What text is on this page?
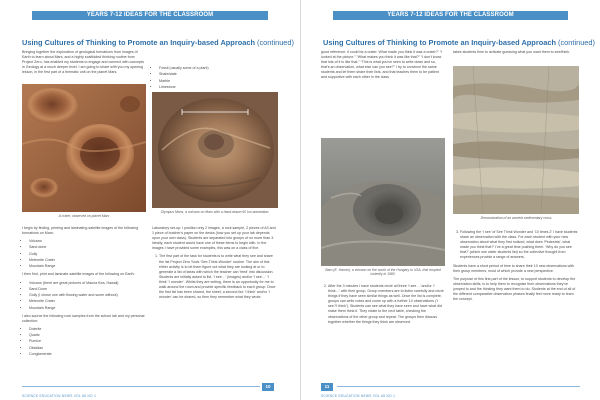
YEARS 7-12 IDEAS FOR THE CLASSROOM
Using Cultures of Thinking to Promote an Inquiry-based Approach (continued)

Bringing together the exploration of geological formations from images of Earth to learn about Mars, and a highly scaffolded thinking routine from Project Zero, has enabled my students to engage and connect with concepts in Geology at a much deeper level. I am going to share with you my opening lesson, in the first part of a thematic unit on the planet Mars.

A crater, observed on planet Mars

I begin by finding, printing and laminating satellite images of the following formations on Mars:

• Volcano
• Sand dune
• Gully
• Meteorite Crater
• Mountain Range

I then find, print and laminate satellite images of the following on Earth:

• Volcano (there are great pictures of Mauna Kea, Hawaii)
• Sand Dune
• Gully (I chose one with flowing water and some without)
• Meteorite Crater
• Mountain Range

I also source the following rock samples from the school lab and my personal collection:

• Dolerite
• Quartz
• Pumice
• Obsidian
• Conglomerate
• Fossil (usually some of a plant)
• Shale/slate
• Marble
• Limestone
Olympus Mons, a volcano on Mars with a hand-drawn 60 km annotation.

Laboratory set-up: I position only 2 images, a rock sample, 2 pieces of A3 and 1 piece of butcher's paper on the desks (how you set up your lab depends upon your own class). Students are separated into groups of no more than 3. Ideally, each student would have one of these items to begin with. In the images I have provided some examples, this was on a class of five.

1. The first part of the task for students is to write what they see and share the list Project Zero Tools ‘See-Think-Wonder’ routine. The aim of this either activity is to let them figure out what they are looking at or to generate a list of ideas with which the teacher can ‘feed’ into discussion. Students are initially asked to list, ‘I see…’ (images) and/or ‘I see…’ ‘I think’ ‘I wonder’. Whilst they are writing, there is an opportunity for me to walk around the room and provide specific feedback to each group. Once the first list has been shared, the sheet, a second list: ‘I think’ and/or ‘I wonder’ can be shared, so then they remember what they wrote.
10
SCIENCE EDUCATION NEWS VOL 68 NO 1
YEARS 7-12 IDEAS FOR THE CLASSROOM
Using Cultures of Thinking to Promote an Inquiry-based Approach (continued)

good reference, it could be a crater. What made you think it was a crater?” “I looked at the picture.” “What makes you think it was like that?” “I don’t know that lots of it is like that.” “This is what you’ve seen to write down and so, that’s an observation, what else can you see?” I try to convince the same students and let them share their lists, and that teaches them to be patient and supportive with each other in the class.

Barn (E. Hamer), a volcano on the south of the Hungary in USA, that erupted violently in 1980.
2. After the 3 minutes I have students circle all three ‘I see…’ and/or ‘I think…’ with their group. Group members are to listen carefully and circle things if they have seen similar things as well. Once the list is complete, groups can write notes and come up with a further 10 observations (‘I see’/‘I think’). Students can see what they have seen and have what did make them think it. They rotate to the next table, checking the observations of the other group and repeat. The groups then discuss together whether the things they think are observed.

takes students time to activate guessing what you want them to see/think.

Demonstration of an ancient sedimentary cross
3. Following the ‘I see’ of See Think Wonder and ‘10 times 2’ I have students share an observation with the class. For each student with your new observation about what they first noticed, what does ‘Pedestria’, what made you think that?’ I’ve a great time pushing them. ‘Why do you see that?’ (which one wider students list) so the collective thought from experiences provide a range of answers.

Students have a short period of time to share their 10 new observations with their group members, most of which provide a new perspective.

The purpose of this first part of the lesson, to support students to develop the observation skills, is to help them to recognise their observations they’ve jumped to and the thinking they want them to do. Students at the end of all of the different comparative observation phases finally feel more ready to learn the concept.

11
SCIENCE EDUCATION NEWS VOL 68 NO 1
